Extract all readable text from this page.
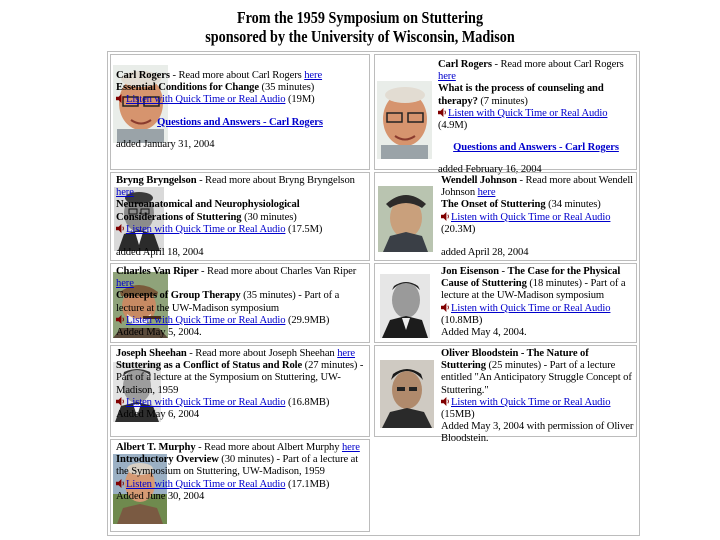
From the 1959 Symposium on Stuttering
sponsored by the University of Wisconsin, Madison
Carl Rogers - Read more about Carl Rogers here
Essential Conditions for Change (35 minutes)
Listen with Quick Time or Real Audio (19M)
Questions and Answers - Carl Rogers
added January 31, 2004
Carl Rogers - Read more about Carl Rogers here
What is the process of counseling and therapy? (7 minutes)
Listen with Quick Time or Real Audio (4.9M)
Questions and Answers - Carl Rogers
added February 16, 2004
Bryng Bryngelson - Read more about Bryng Bryngelson here
Neuroanatomical and Neurophysiological Considerations of Stuttering (30 minutes)
Listen with Quick Time or Real Audio (17.5M)
added April 18, 2004
Wendell Johnson - Read more about Wendell Johnson here
The Onset of Stuttering (34 minutes)
Listen with Quick Time or Real Audio
(20.3M)
added April 28, 2004
Charles Van Riper - Read more about Charles Van Riper here
Concepts of Group Therapy (35 minutes) - Part of a lecture at the UW-Madison symposium
Listen with Quick Time or Real Audio (29.9MB)
Added May 5, 2004.
Jon Eisenson - The Case for the Physical Cause of Stuttering (18 minutes) - Part of a lecture at the UW-Madison symposium
Listen with Quick Time or Real Audio
(10.8MB)
Added May 4, 2004.
Joseph Sheehan - Read more about Joseph Sheehan here
Stuttering as a Conflict of Status and Role (27 minutes) - Part of a lecture at the Symposium on Stuttering, UW-Madison, 1959
Listen with Quick Time or Real Audio (16.8MB)
Added May 6, 2004
Oliver Bloodstein - The Nature of Stuttering (25 minutes) - Part of a lecture entitled "An Anticipatory Struggle Concept of Stuttering."
Listen with Quick Time or Real Audio
(15MB)
Added May 3, 2004 with permission of Oliver Bloodstein.
Albert T. Murphy - Read more about Albert Murphy here
Introductory Overview (30 minutes) - Part of a lecture at the Symposium on Stuttering, UW-Madison, 1959
Listen with Quick Time or Real Audio (17.1MB)
Added June 30, 2004
